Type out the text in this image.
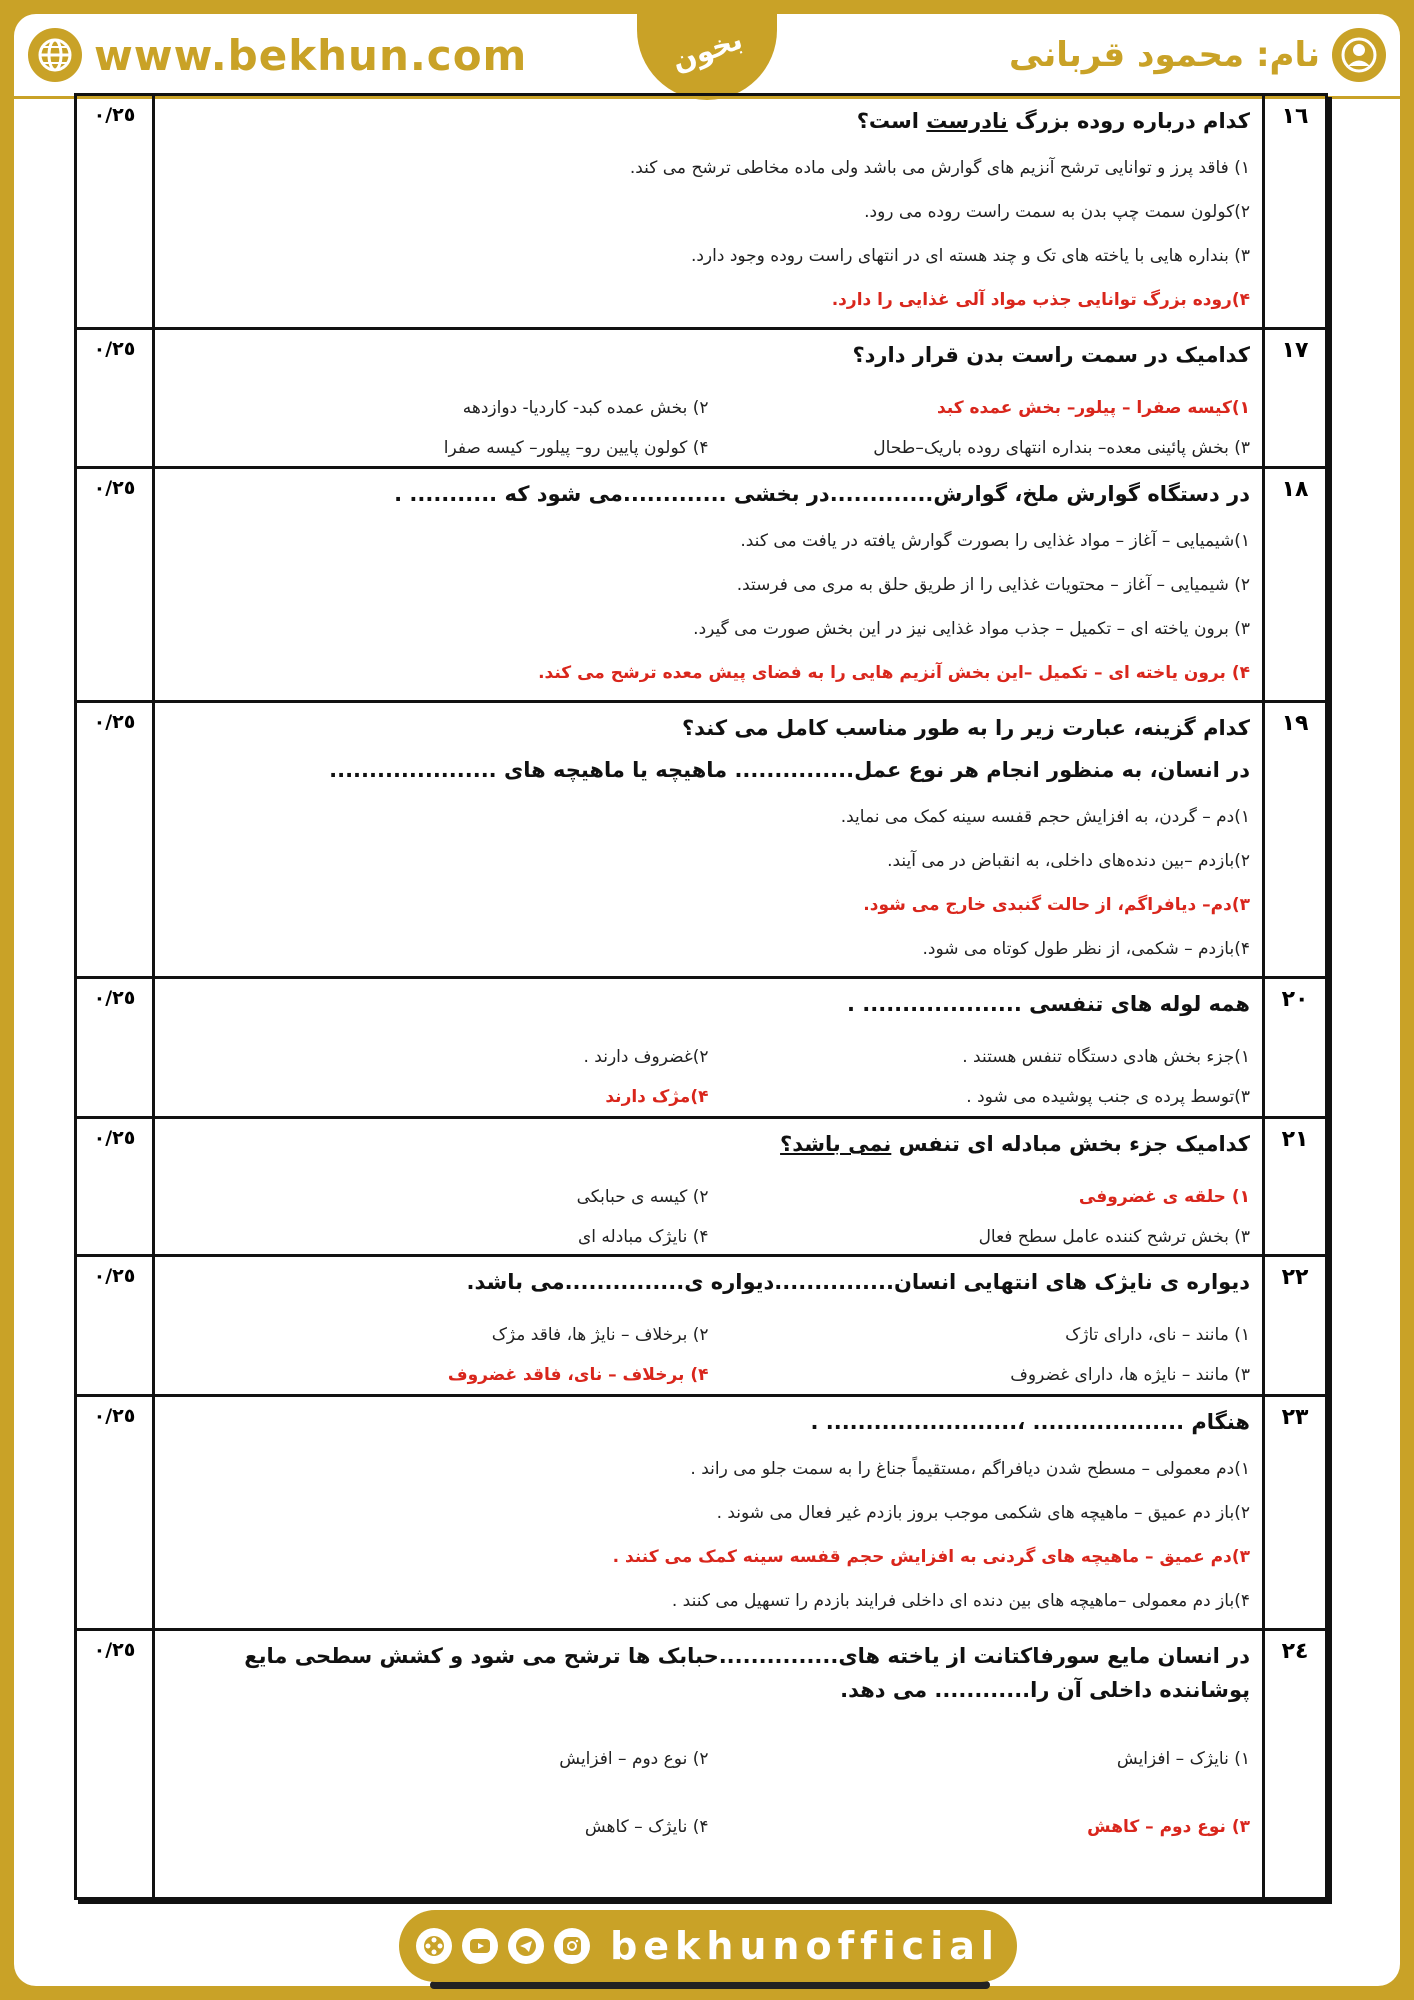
www.bekhun.com	بخون	نام: محمود قربانی
١٦
٠/٢٥	کدام درباره روده بزرگ نادرست است؟
۱) فاقد پرز و توانایی ترشح آنزیم های گوارش می باشد ولی ماده مخاطی ترشح می کند.
۲)کولون سمت چپ بدن به سمت راست روده می رود.
۳) بنداره هایی با یاخته های تک و چند هسته ای در انتهای راست روده وجود دارد.
۴)روده بزرگ توانایی جذب مواد آلی غذایی را دارد.
١٧
٠/٢٥	کدامیک در سمت راست بدن قرار دارد؟
۱)کیسه صفرا – پیلور– بخش عمده کبد
۲) بخش عمده کبد- کاردیا- دوازدهه
۳) بخش پائینی معده– بنداره انتهای روده باریک–طحال
۴) کولون پایین رو– پیلور– کیسه صفرا
١٨
٠/٢٥	در دستگاه گوارش ملخ، گوارش.............در بخشی .............می شود که ........... .
۱)شیمیایی – آغاز – مواد غذایی را بصورت گوارش یافته در یافت می کند.
۲) شیمیایی – آغاز – محتویات غذایی را از طریق حلق به مری می فرستد.
۳) برون یاخته ای – تکمیل – جذب مواد غذایی نیز در این بخش صورت می گیرد.
۴) برون یاخته ای – تکمیل –این بخش آنزیم هایی را به فضای پیش معده ترشح می کند.
١٩
٠/٢٥	کدام گزینه، عبارت زیر را به طور مناسب کامل می کند؟
در انسان، به منظور انجام هر نوع عمل............... ماهیچه یا ماهیچه های .....................
۱)دم – گردن، به افزایش حجم قفسه سینه کمک می نماید.
۲)بازدم –بین دنده‌های داخلی، به انقباض در می آیند.
۳)دم– دیافراگم، از حالت گنبدی خارج می شود.
۴)بازدم – شکمی، از نظر طول کوتاه می شود.
٢٠
٠/٢٥	همه لوله های تنفسی .................... .
۱)جزء بخش هادی دستگاه تنفس هستند .
۲)غضروف دارند .
۳)توسط پرده ی جنب پوشیده می شود .
۴)مژک دارند
٢١
٠/٢٥	کدامیک جزء بخش مبادله ای تنفس نمی باشد؟
۱) حلقه ی غضروفی
۲) کیسه ی حبابکی
۳) بخش ترشح کننده عامل سطح فعال
۴) نایژک مبادله ای
٢٢
٠/٢٥	دیواره ی نایژک های انتهایی انسان...............دیواره ی...............می باشد.
۱) مانند – نای، دارای تاژک
۲) برخلاف – نایژ ها، فاقد مژک
۳) مانند – نایژه ها، دارای غضروف
۴) برخلاف – نای، فاقد غضروف
٢٣
٠/٢٥	هنگام ................... ،........................ .
۱)دم معمولی – مسطح شدن دیافراگم ،مستقیماً جناغ را به سمت جلو می راند .
۲)باز دم عمیق – ماهیچه های شکمی موجب بروز بازدم غیر فعال می شوند .
۳)دم عمیق – ماهیچه های گردنی به افزایش حجم قفسه سینه کمک می کنند .
۴)باز دم معمولی –ماهیچه های بین دنده ای داخلی فرایند بازدم را تسهیل می کنند .
٢٤
٠/٢٥	در انسان مایع سورفاکتانت از یاخته های...............حبابک ها ترشح می شود و کشش سطحی مایع پوشاننده داخلی آن را............ می دهد.
۱) نایژک – افزایش
۲) نوع دوم – افزایش
۳) نوع دوم – کاهش
۴) نایژک – کاهش
bekhunofficial
